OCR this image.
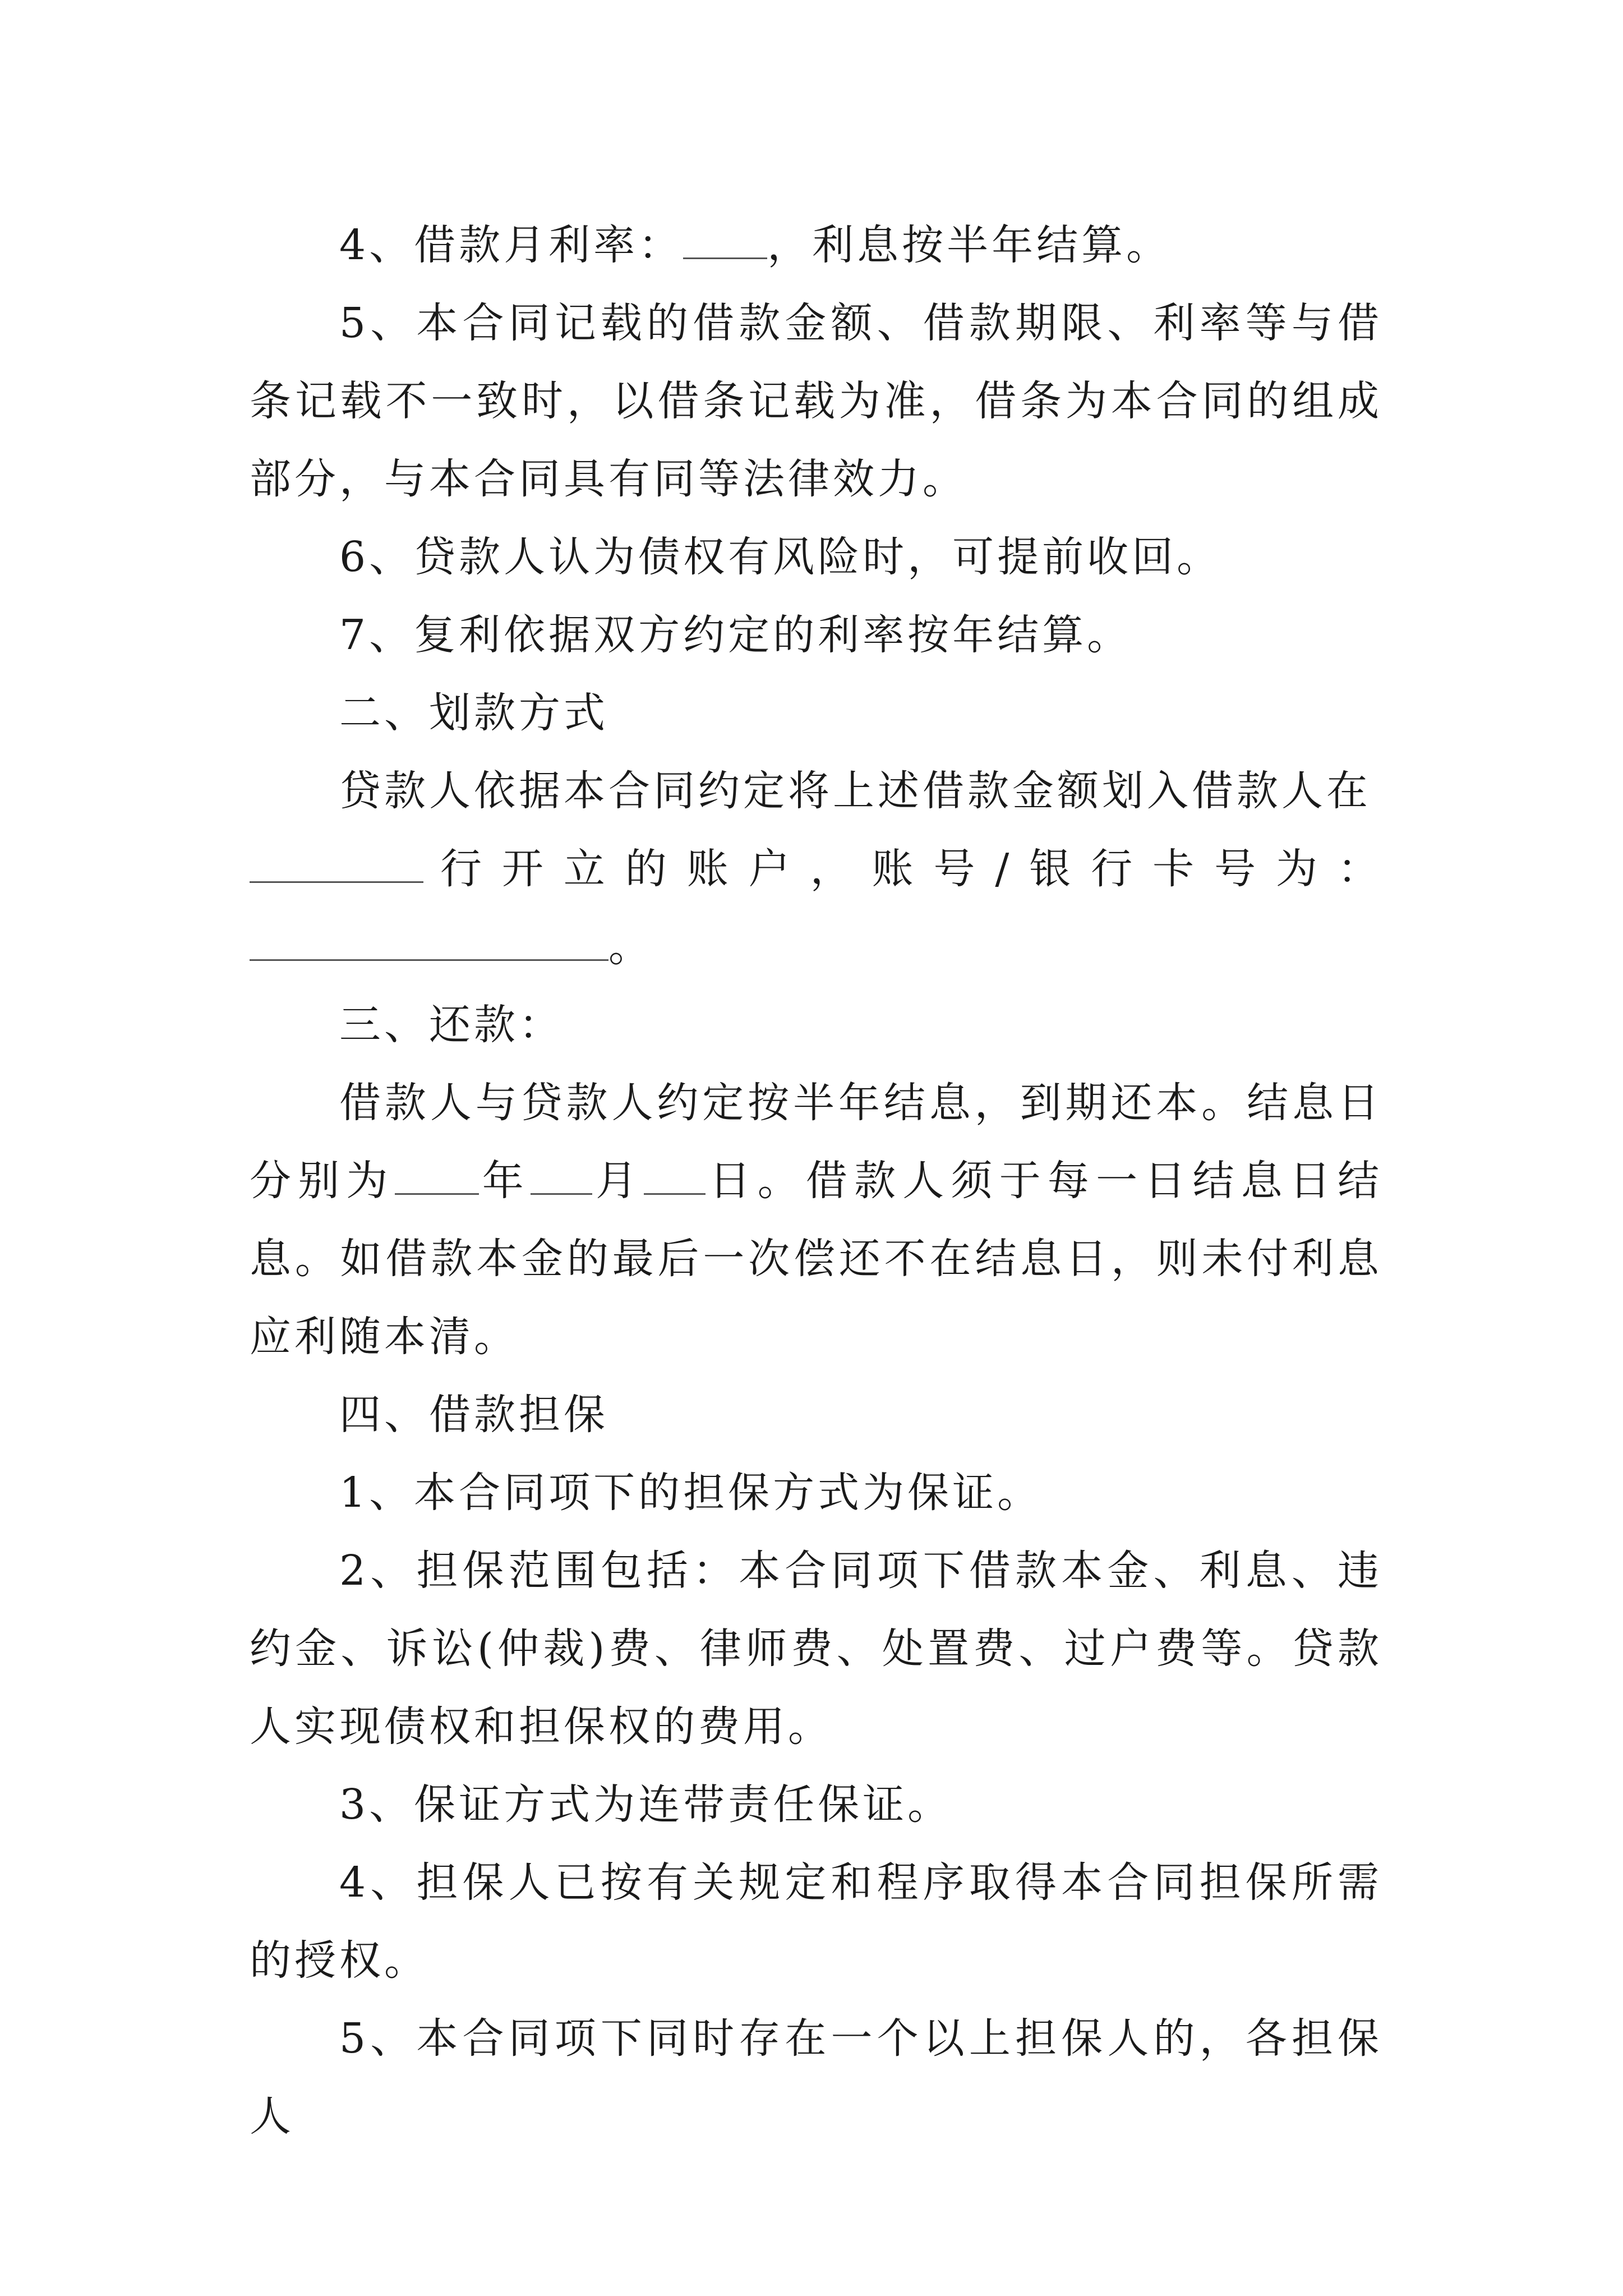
4、借款月利率： ，利息按半年结算。

5、本合同记载的借款金额、借款期限、利率等与借条记载不一致时，以借条记载为准，借条为本合同的组成部分，与本合同具有同等法律效力。

6、贷款人认为债权有风险时，可提前收回。

7、复利依据双方约定的利率按年结算。

二、划款方式

贷款人依据本合同约定将上述借款金额划入借款人在

行 开 立 的 账 户 ， 账 号 / 银 行 卡 号 为 ：

。

三、还款：

借款人与贷款人约定按半年结息，到期还本。结息日分别为 年 月 日。借款人须于每一日结息日结息。如借款本金的最后一次偿还不在结息日，则未付利息应利随本清。

四、借款担保

1、本合同项下的担保方式为保证。

2、担保范围包括：本合同项下借款本金、利息、违约金、诉讼(仲裁)费、律师费、处置费、过户费等。贷款人实现债权和担保权的费用。

3、保证方式为连带责任保证。

4、担保人已按有关规定和程序取得本合同担保所需的授权。

5、本合同项下同时存在一个以上担保人的，各担保人
